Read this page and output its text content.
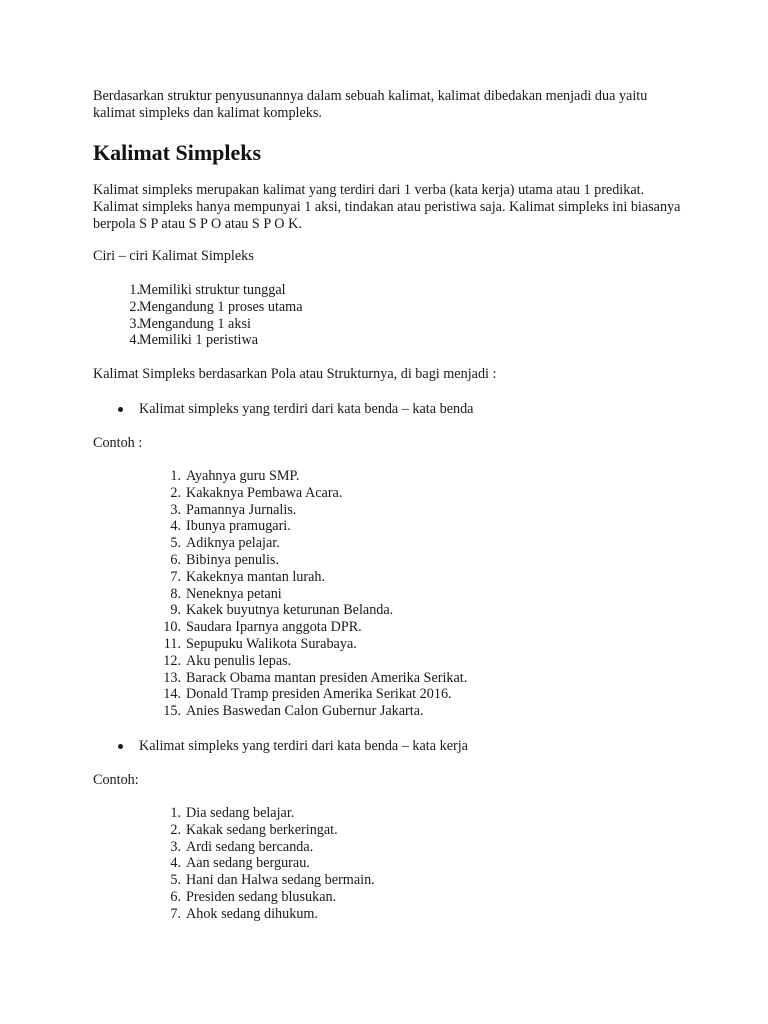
Berdasarkan struktur penyusunannya dalam sebuah kalimat, kalimat dibedakan menjadi dua yaitu kalimat simpleks dan kalimat kompleks.

Kalimat Simpleks

Kalimat simpleks merupakan kalimat yang terdiri dari 1 verba (kata kerja) utama atau 1 predikat. Kalimat simpleks hanya mempunyai 1 aksi, tindakan atau peristiwa saja. Kalimat simpleks ini biasanya berpola S P atau S P O atau S P O K.

Ciri – ciri Kalimat Simpleks

1. Memiliki struktur tunggal
2. Mengandung 1 proses utama
3. Mengandung 1 aksi
4. Memiliki 1 peristiwa

Kalimat Simpleks berdasarkan Pola atau Strukturnya, di bagi menjadi :

Kalimat simpleks yang terdiri dari kata benda – kata benda

Contoh :

1. Ayahnya guru SMP.
2. Kakaknya Pembawa Acara.
3. Pamannya Jurnalis.
4. Ibunya pramugari.
5. Adiknya pelajar.
6. Bibinya penulis.
7. Kakeknya mantan lurah.
8. Neneknya petani
9. Kakek buyutnya keturunan Belanda.
10. Saudara Iparnya anggota DPR.
11. Sepupuku Walikota Surabaya.
12. Aku penulis lepas.
13. Barack Obama mantan presiden Amerika Serikat.
14. Donald Tramp presiden Amerika Serikat 2016.
15. Anies Baswedan Calon Gubernur Jakarta.
Kalimat simpleks yang terdiri dari kata benda – kata kerja

Contoh:

1. Dia sedang belajar.
2. Kakak sedang berkeringat.
3. Ardi sedang bercanda.
4. Aan sedang bergurau.
5. Hani dan Halwa sedang bermain.
6. Presiden sedang blusukan.
7. Ahok sedang dihukum.
